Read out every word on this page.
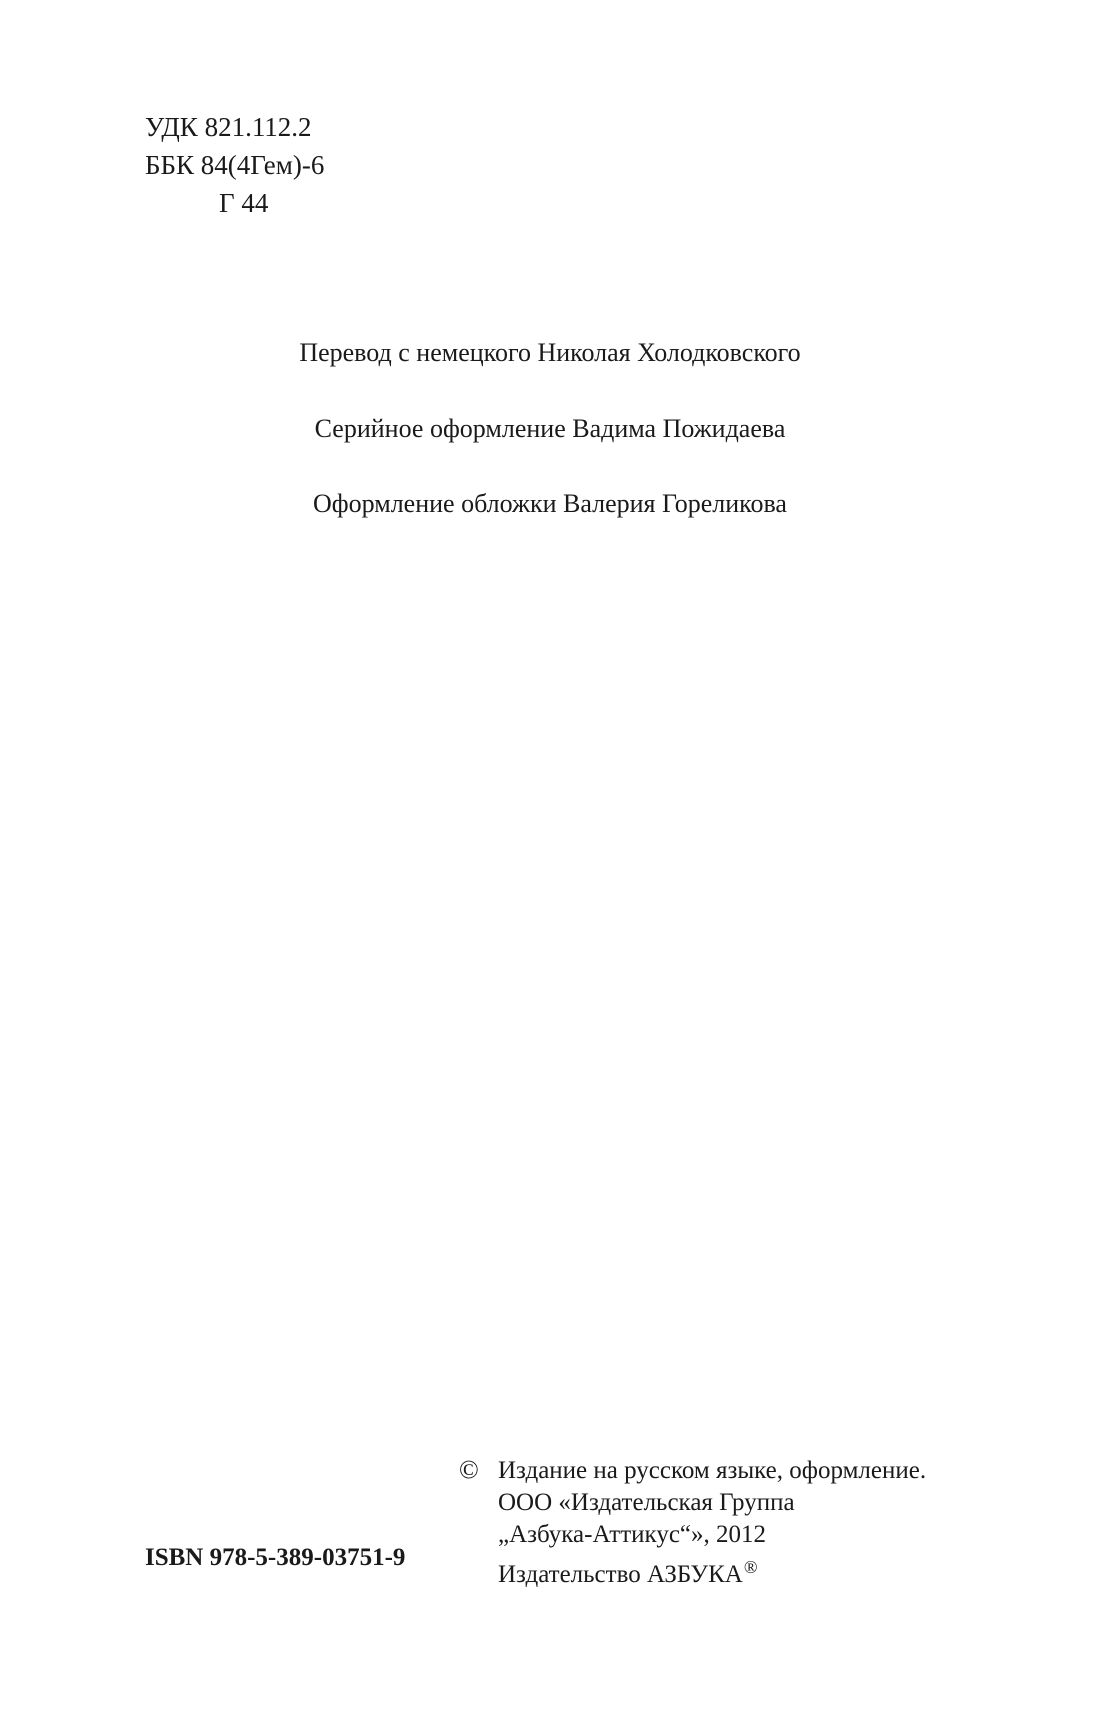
УДК 821.112.2
ББК 84(4Гем)-6
Г 44
Перевод с немецкого Николая Холодковского
Серийное оформление Вадима Пожидаева
Оформление обложки Валерия Гореликова
ISBN 978-5-389-03751-9
© Издание на русском языке, оформление.
ООО «Издательская Группа
„Азбука-Аттикус“», 2012
Издательство АЗБУКА®
